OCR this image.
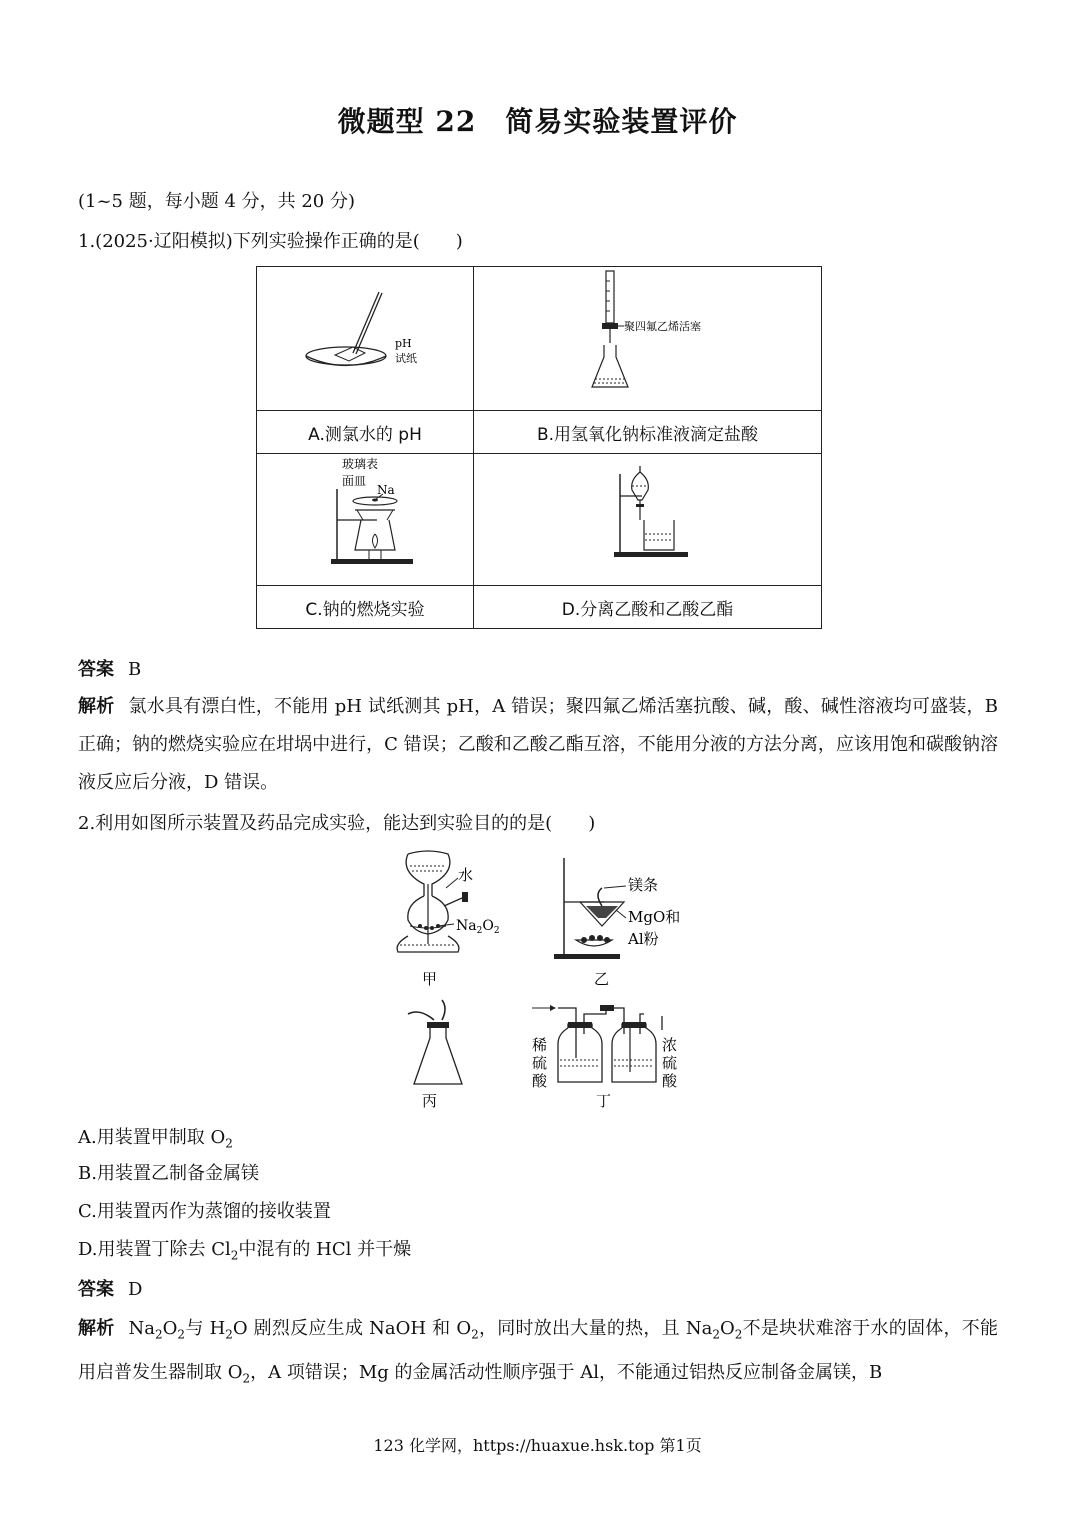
微题型 22　简易实验装置评价
(1~5 题，每小题 4 分，共 20 分)
1.(2025·辽阳模拟)下列实验操作正确的是(　　)
pH
试纸	聚四氟乙烯活塞

A.测氯水的 pH	B.用氢氧化钠标准液滴定盐酸

玻璃表
面皿
Na

C.钠的燃烧实验	D.分离乙酸和乙酸乙酯
答案 B
解析 氯水具有漂白性，不能用 pH 试纸测其 pH，A 错误；聚四氟乙烯活塞抗酸、碱，酸、碱性溶液均可盛装，B 正确；钠的燃烧实验应在坩埚中进行，C 错误；乙酸和乙酸乙酯互溶，不能用分液的方法分离，应该用饱和碳酸钠溶液反应后分液，D 错误。
2.利用如图所示装置及药品完成实验，能达到实验目的的是(　　)
水
$Na_2O_2$
甲
镁条
MgO和
Al粉
乙
丙
稀
硫
酸
浓
硫
酸
丁
A.用装置甲制取 $O_2$
B.用装置乙制备金属镁
C.用装置丙作为蒸馏的接收装置
D.用装置丁除去 $Cl_2$中混有的 HCl 并干燥
答案 D
解析 $Na_2O_2$与 $H_2O$ 剧烈反应生成 NaOH 和 $O_2$，同时放出大量的热，且 $Na_2O_2$不是块状难溶于水的固体，不能用启普发生器制取 $O_2$，A 项错误；Mg 的金属活动性顺序强于 Al，不能通过铝热反应制备金属镁，B
123 化学网，https://huaxue.hsk.top 第1页
